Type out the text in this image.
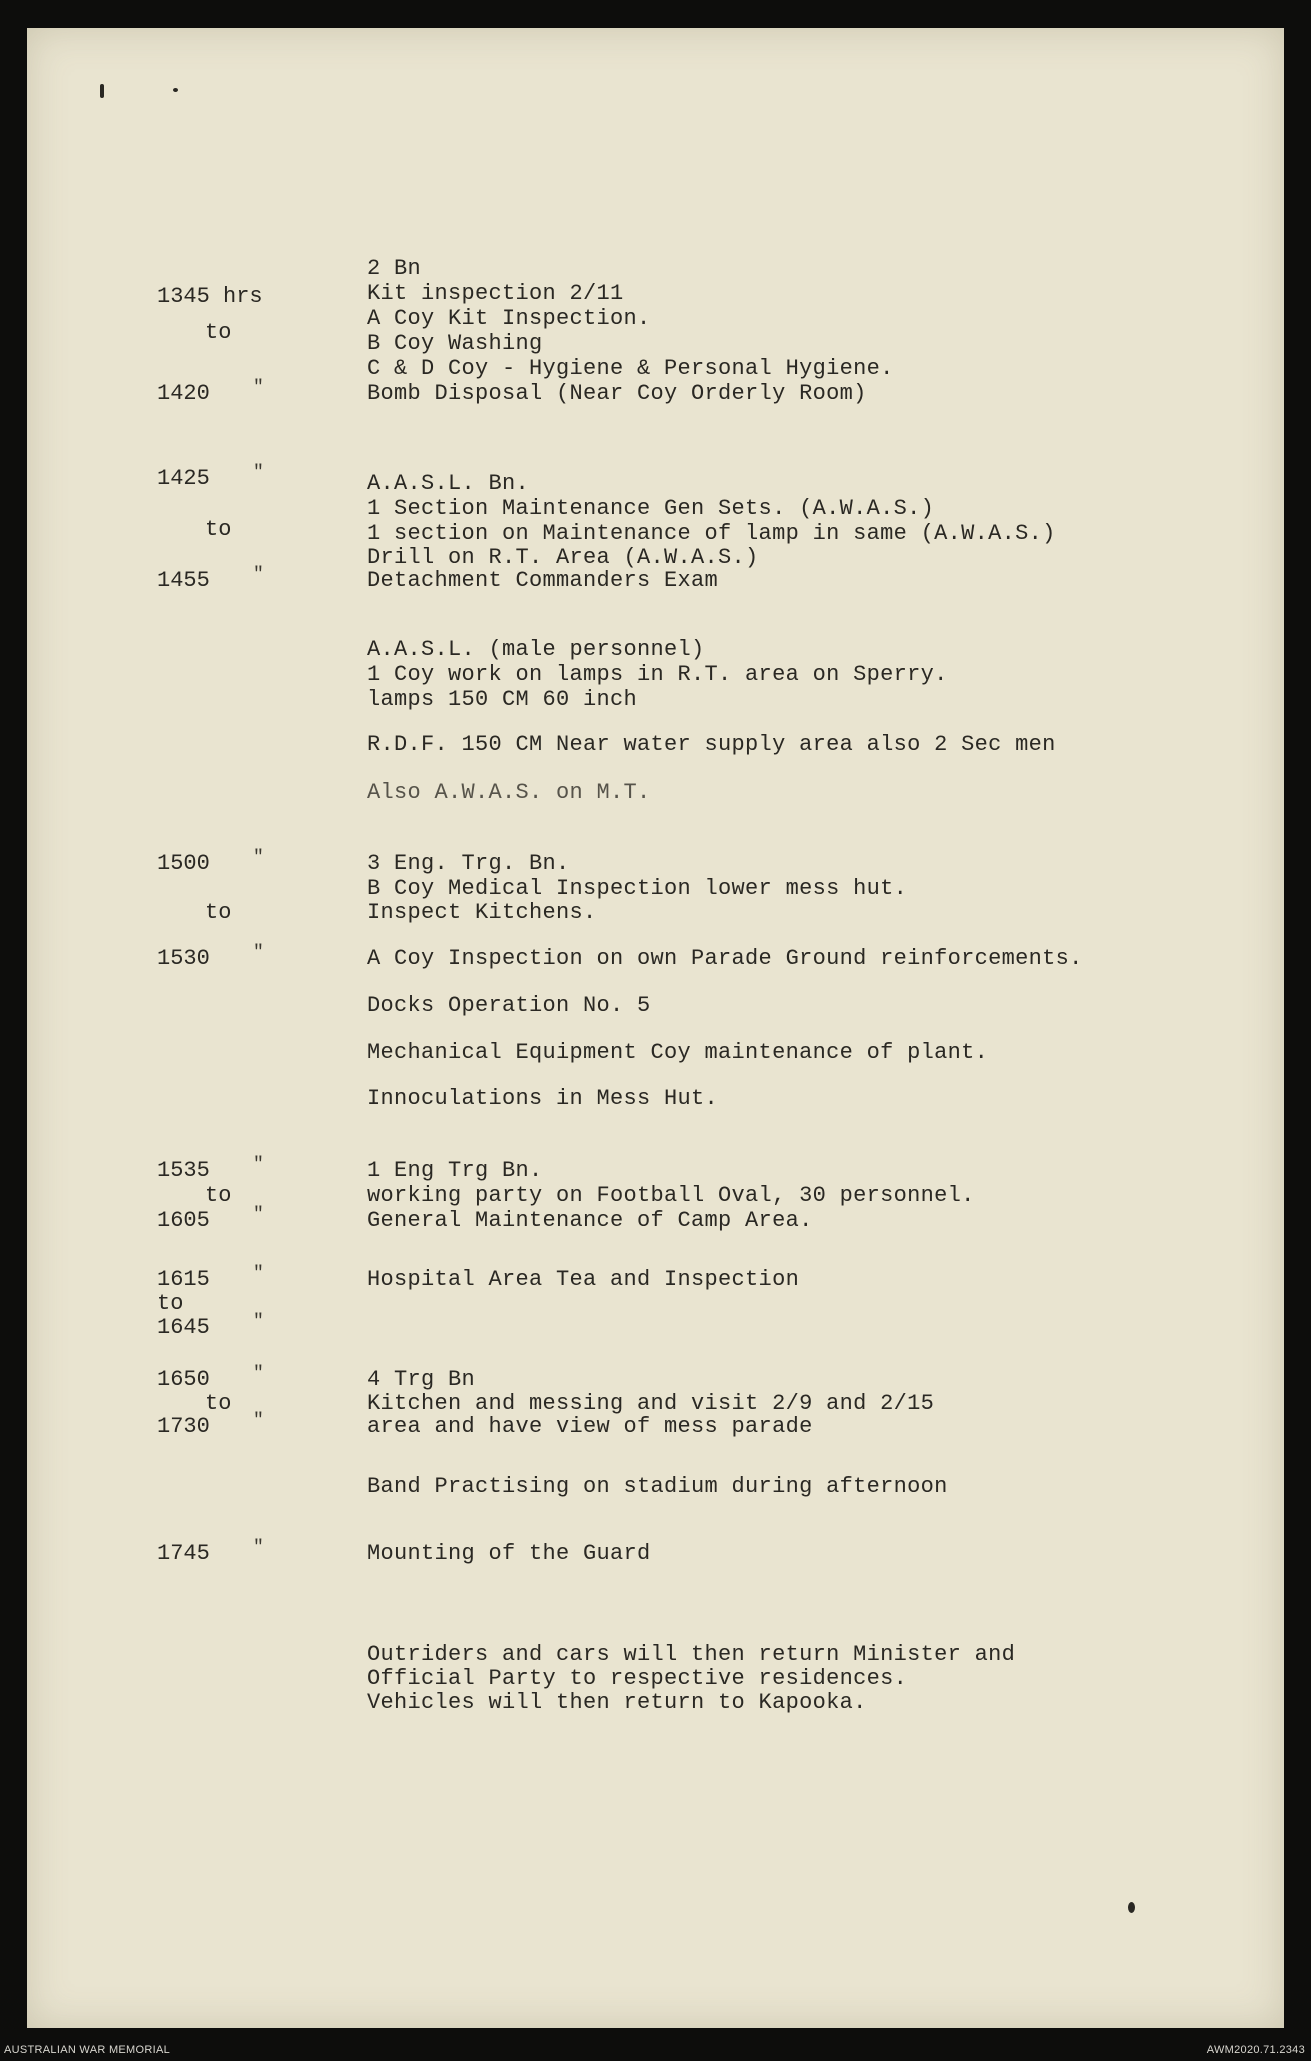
1345 hrs
to
1420 "
2 Bn
Kit inspection 2/11
A Coy Kit Inspection.
B Coy Washing
C & D Coy - Hygiene & Personal Hygiene.
Bomb Disposal (Near Coy Orderly Room)
1425 "
to
1455 "
A.A.S.L. Bn.
1 Section Maintenance Gen Sets. (A.W.A.S.)
1 section on Maintenance of lamp in same (A.W.A.S.)
Drill on R.T. Area (A.W.A.S.)
Detachment Commanders Exam
A.A.S.L. (male personnel)
1 Coy work on lamps in R.T. area on Sperry.
lamps 150 CM 60 inch
R.D.F. 150 CM Near water supply area also 2 Sec men
Also A.W.A.S. on M.T.
1500 "
to
1530 "
3 Eng. Trg. Bn.
B Coy Medical Inspection lower mess hut.
Inspect Kitchens.
A Coy Inspection on own Parade Ground reinforcements.
Docks Operation No. 5
Mechanical Equipment Coy maintenance of plant.
Innoculations in Mess Hut.
1535 "
to
1605 "
1 Eng Trg Bn.
working party on Football Oval, 30 personnel.
General Maintenance of Camp Area.
1615 "
to
1645 "
Hospital Area Tea and Inspection
1650 "
to
1730 "
4 Trg Bn
Kitchen and messing and visit 2/9 and 2/15
area and have view of mess parade
Band Practising on stadium during afternoon
1745 "	Mounting of the Guard
Outriders and cars will then return Minister and
Official Party to respective residences.
Vehicles will then return to Kapooka.
AUSTRALIAN WAR MEMORIAL	AWM2020.71.2343
